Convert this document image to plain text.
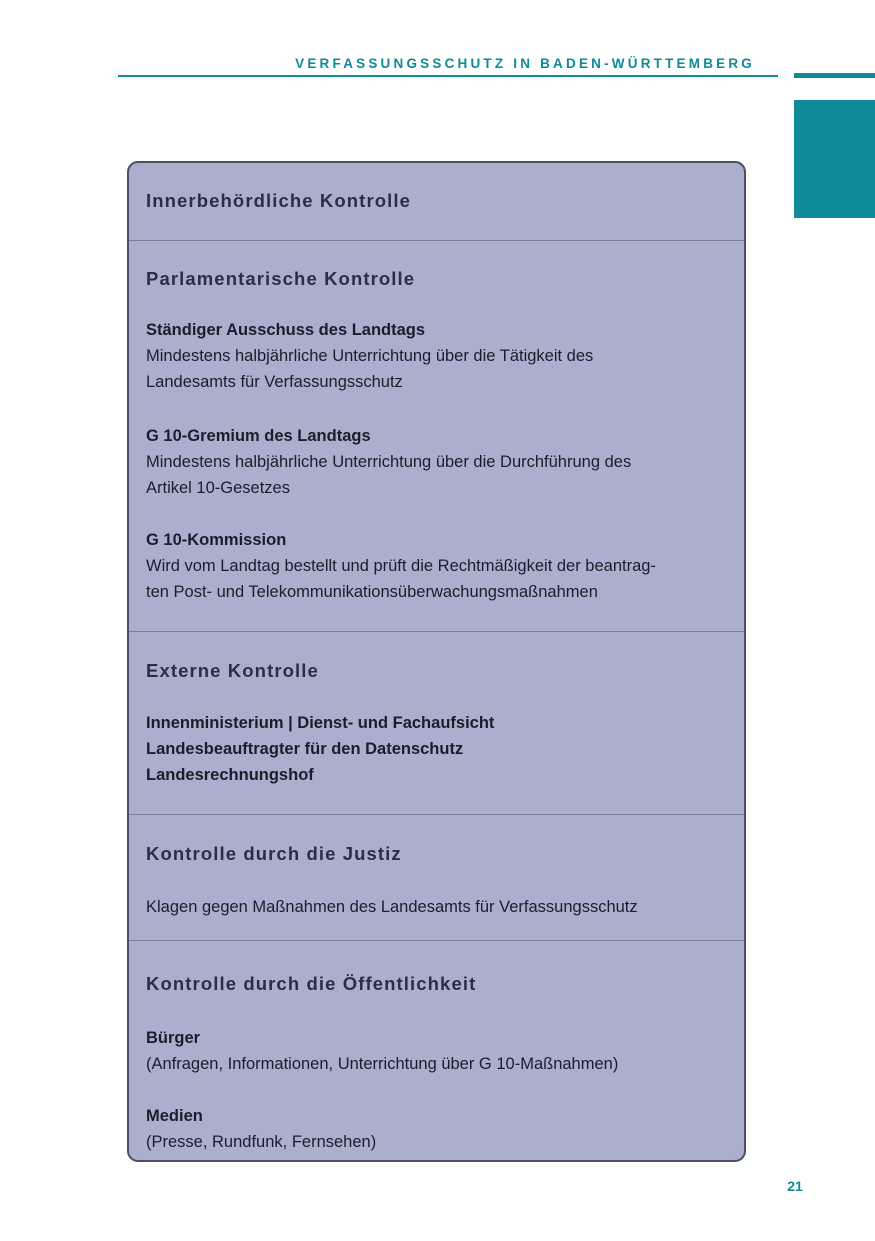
VERFASSUNGSSCHUTZ IN BADEN-WÜRTTEMBERG
Innerbehördliche Kontrolle
Parlamentarische Kontrolle

Ständiger Ausschuss des Landtags

Mindestens halbjährliche Unterrichtung über die Tätigkeit des

Landesamts für Verfassungsschutz

G 10-Gremium des Landtags

Mindestens halbjährliche Unterrichtung über die Durchführung des

Artikel 10-Gesetzes

G 10-Kommission

Wird vom Landtag bestellt und prüft die Rechtmäßigkeit der beantrag-

ten Post- und Telekommunikationsüberwachungsmaßnahmen

Externe Kontrolle

Innenministerium | Dienst- und Fachaufsicht

Landesbeauftragter für den Datenschutz

Landesrechnungshof

Kontrolle durch die Justiz

Klagen gegen Maßnahmen des Landesamts für Verfassungsschutz

Kontrolle durch die Öffentlichkeit

Bürger

(Anfragen, Informationen, Unterrichtung über G 10-Maßnahmen)

Medien

(Presse, Rundfunk, Fernsehen)

21
